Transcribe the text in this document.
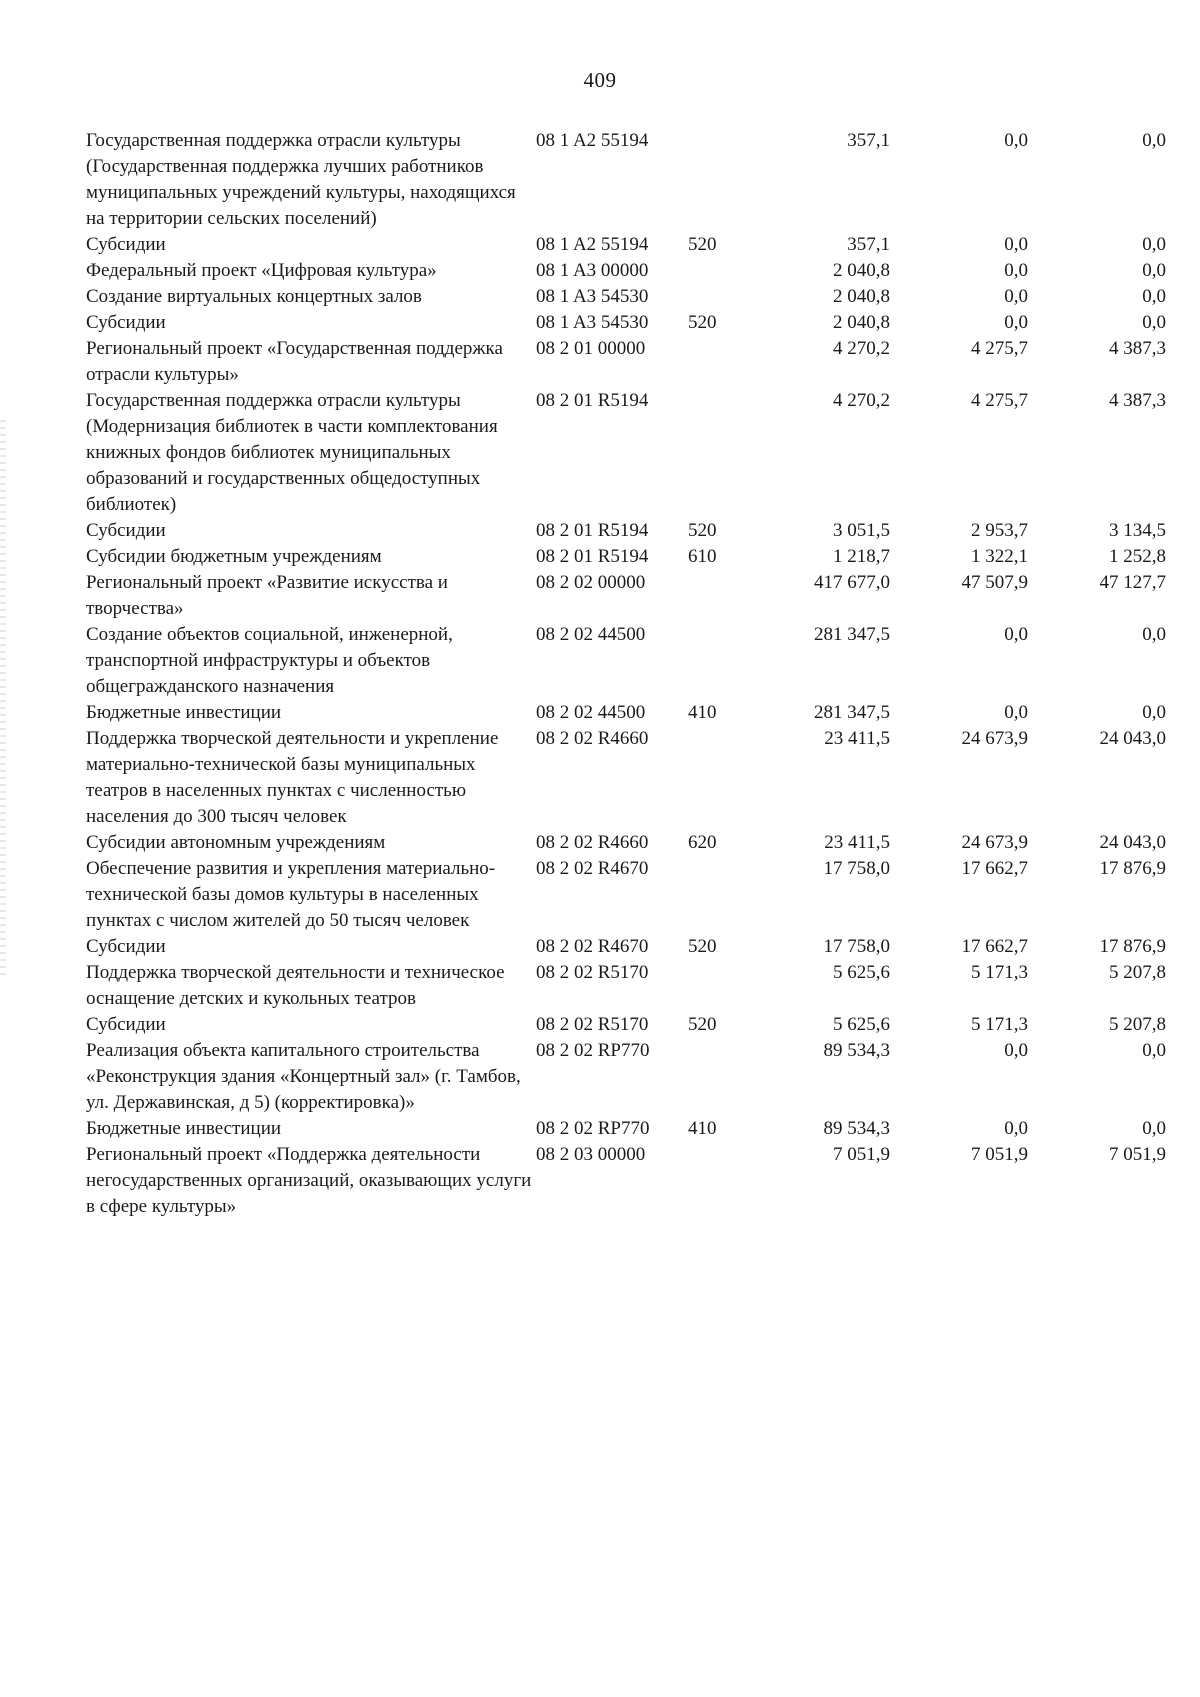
409
Государственная поддержка отрасли культуры (Государственная поддержка лучших работников муниципальных учреждений культуры, находящихся на территории сельских поселений)	08 1 A2 55194		357,1	0,0	0,0
Субсидии	08 1 A2 55194	520	357,1	0,0	0,0
Федеральный проект «Цифровая культура»	08 1 A3 00000		2 040,8	0,0	0,0
Создание виртуальных концертных залов	08 1 A3 54530		2 040,8	0,0	0,0
Субсидии	08 1 A3 54530	520	2 040,8	0,0	0,0
Региональный проект «Государственная поддержка отрасли культуры»	08 2 01 00000		4 270,2	4 275,7	4 387,3
Государственная поддержка отрасли культуры (Модернизация библиотек в части комплектования книжных фондов библиотек муниципальных образований и государственных общедоступных библиотек)	08 2 01 R5194		4 270,2	4 275,7	4 387,3
Субсидии	08 2 01 R5194	520	3 051,5	2 953,7	3 134,5
Субсидии бюджетным учреждениям	08 2 01 R5194	610	1 218,7	1 322,1	1 252,8
Региональный проект «Развитие искусства и творчества»	08 2 02 00000		417 677,0	47 507,9	47 127,7
Создание объектов социальной, инженерной, транспортной инфраструктуры и объектов общегражданского назначения	08 2 02 44500		281 347,5	0,0	0,0
Бюджетные инвестиции	08 2 02 44500	410	281 347,5	0,0	0,0
Поддержка творческой деятельности и укрепление материально-технической базы муниципальных театров в населенных пунктах с численностью населения до 300 тысяч человек	08 2 02 R4660		23 411,5	24 673,9	24 043,0
Субсидии автономным учреждениям	08 2 02 R4660	620	23 411,5	24 673,9	24 043,0
Обеспечение развития и укрепления материально-технической базы домов культуры в населенных пунктах с числом жителей до 50 тысяч человек	08 2 02 R4670		17 758,0	17 662,7	17 876,9
Субсидии	08 2 02 R4670	520	17 758,0	17 662,7	17 876,9
Поддержка творческой деятельности и техническое оснащение детских и кукольных театров	08 2 02 R5170		5 625,6	5 171,3	5 207,8
Субсидии	08 2 02 R5170	520	5 625,6	5 171,3	5 207,8
Реализация объекта капитального строительства «Реконструкция здания «Концертный зал» (г. Тамбов, ул. Державинская, д 5) (корректировка)»	08 2 02 RP770		89 534,3	0,0	0,0
Бюджетные инвестиции	08 2 02 RP770	410	89 534,3	0,0	0,0
Региональный проект «Поддержка деятельности негосударственных организаций, оказывающих услуги в сфере культуры»	08 2 03 00000		7 051,9	7 051,9	7 051,9
